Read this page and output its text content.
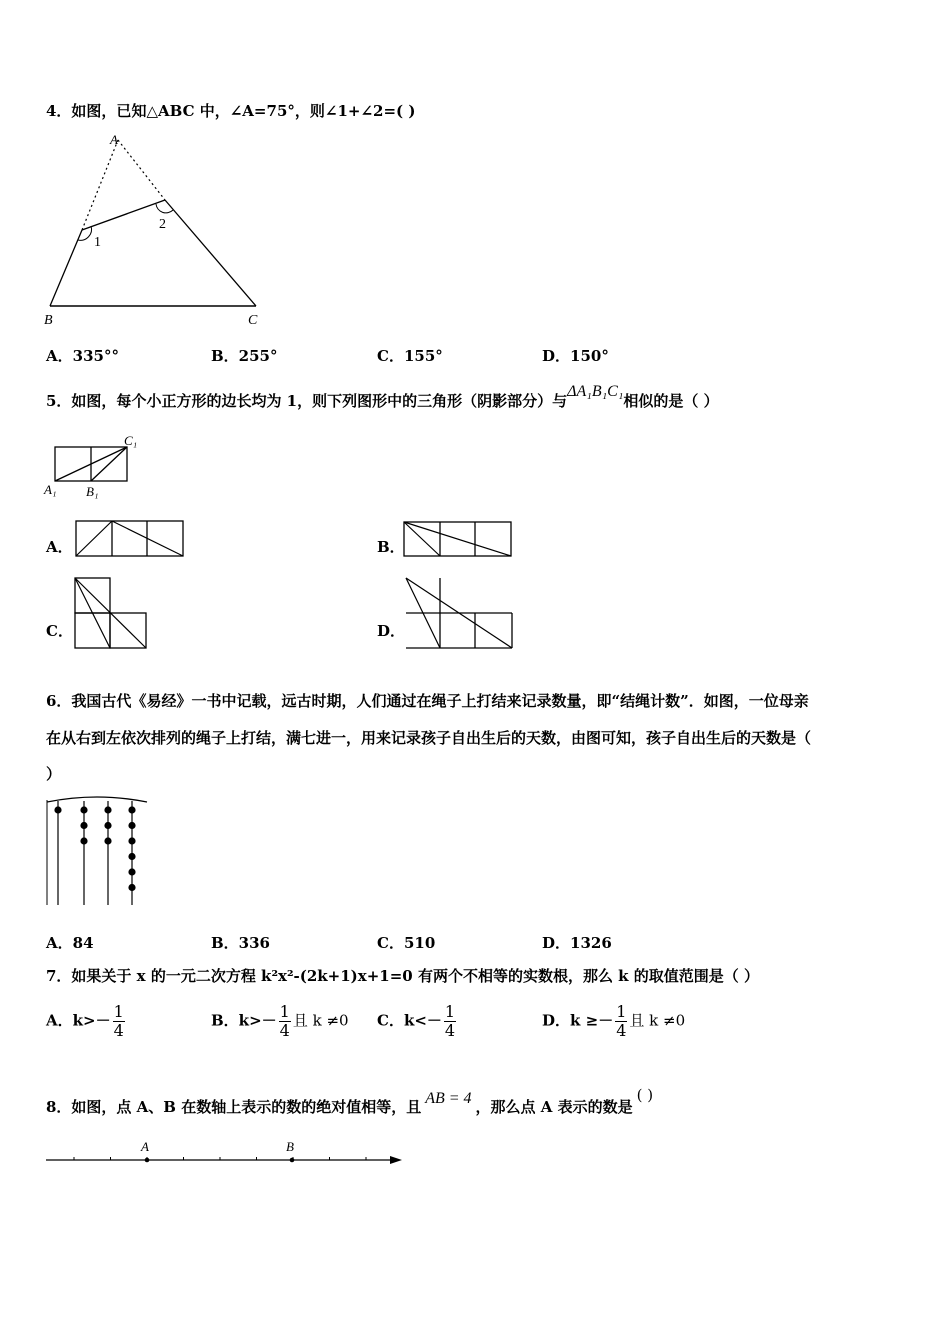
4．如图，已知△ABC 中，∠A=75°，则∠1+∠2=( )
A
1
2
B	C
A．335°°	B．255°	C．155°	D．150°
5．如图，每个小正方形的边长均为 1，则下列图形中的三角形（阴影部分）与ΔA₁B₁C₁相似的是（ ）
C₁
A₁ B₁
A．	B．
C．	D．
6．我国古代《易经》一书中记载，远古时期，人们通过在绳子上打结来记录数量，即“结绳计数”．如图，一位母亲
在从右到左依次排列的绳子上打结，满七进一，用来记录孩子自出生后的天数，由图可知，孩子自出生后的天数是（
）
A．84	B．336	C．510	D．1326
7．如果关于 x 的一元二次方程 k²x²-(2k+1)x+1=0 有两个不相等的实数根，那么 k 的取值范围是（ ）
A．$k>- \frac{1}{4}$	B．$k>- \frac{1}{4}$ 且 k ≠0 C．$k<- \frac{1}{4}$	D．$k \ge- \frac{1}{4}$ 且 k ≠0
8．如图，点 A、B 在数轴上表示的数的绝对值相等，且 AB = 4 ，那么点 A 表示的数是( )
A	B
